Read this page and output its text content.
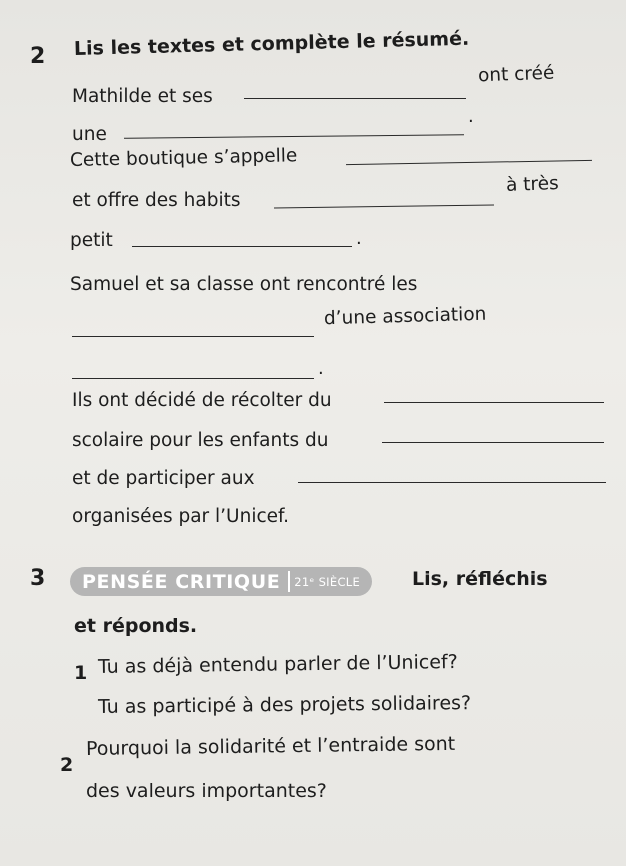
2 Lis les textes et complète le résumé.
Mathilde et ses
ont créé
une
.
Cette boutique s’appelle
et offre des habits
à très
petit	.
Samuel et sa classe ont rencontré les
d’une association
.
Ils ont décidé de récolter du
scolaire pour les enfants du
et de participer aux
organisées par l’Unicef.
3 PENSÉE CRITIQUE 21ᵉ SIÈCLE	Lis, réfléchis
et réponds.
1 Tu as déjà entendu parler de l’Unicef?
Tu as participé à des projets solidaires?
2
Pourquoi la solidarité et l’entraide sont
des valeurs importantes?
